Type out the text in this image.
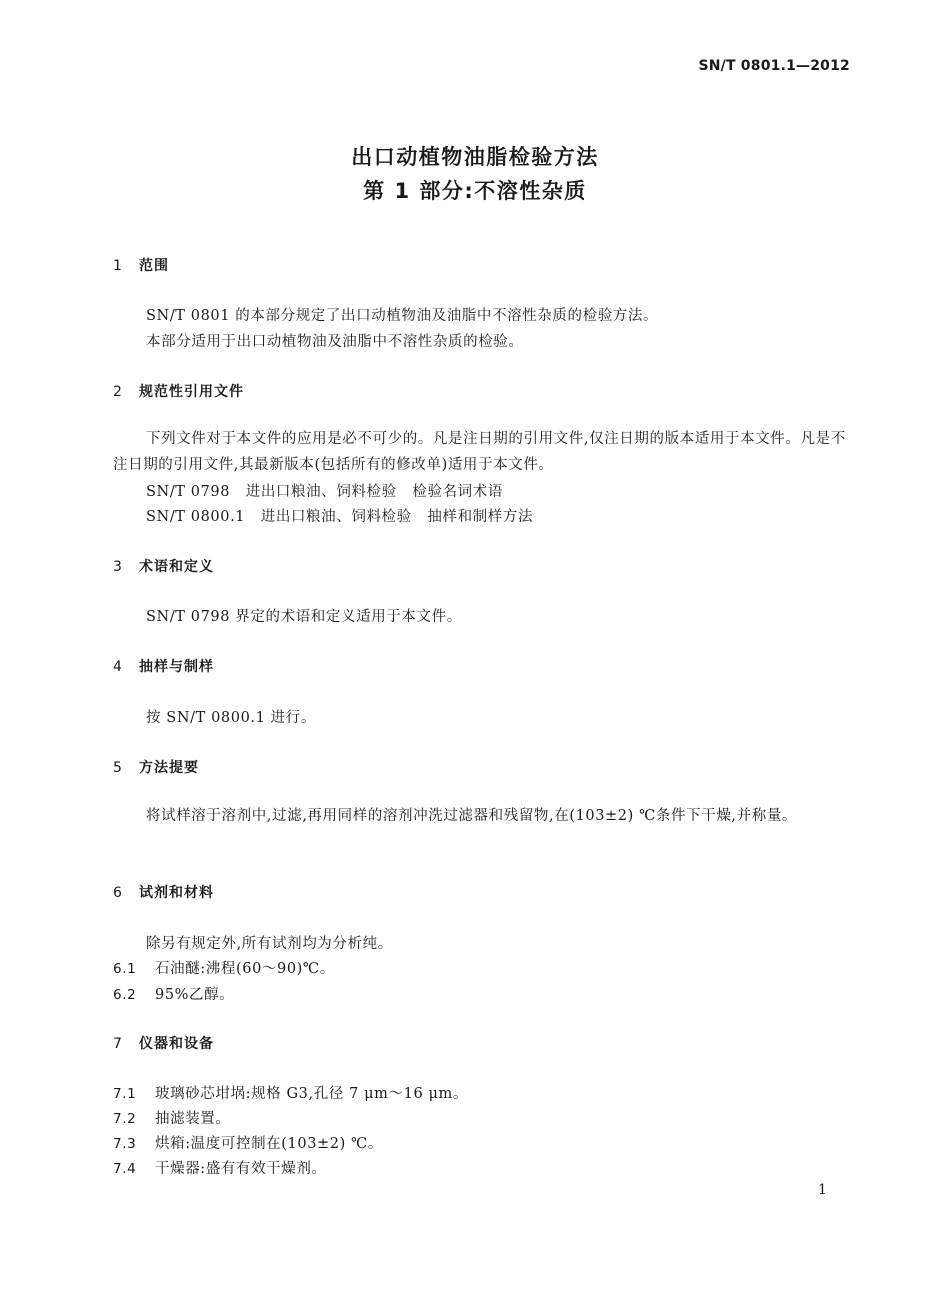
SN/T 0801.1—2012
出口动植物油脂检验方法
第 1 部分:不溶性杂质
1 范围
SN/T 0801 的本部分规定了出口动植物油及油脂中不溶性杂质的检验方法。
本部分适用于出口动植物油及油脂中不溶性杂质的检验。
2 规范性引用文件
下列文件对于本文件的应用是必不可少的。凡是注日期的引用文件,仅注日期的版本适用于本文件。凡是不注日期的引用文件,其最新版本(包括所有的修改单)适用于本文件。
SN/T 0798   进出口粮油、饲料检验   检验名词术语
SN/T 0800.1   进出口粮油、饲料检验   抽样和制样方法
3 术语和定义
SN/T 0798 界定的术语和定义适用于本文件。
4 抽样与制样
按 SN/T 0800.1 进行。
5 方法提要
将试样溶于溶剂中,过滤,再用同样的溶剂冲洗过滤器和残留物,在(103±2) ℃条件下干燥,并称量。
6 试剂和材料
除另有规定外,所有试剂均为分析纯。
6.1 石油醚:沸程(60～90)℃。
6.2 95%乙醇。
7 仪器和设备
7.1 玻璃砂芯坩埚:规格 G3,孔径 7 μm～16 μm。
7.2 抽滤装置。
7.3 烘箱:温度可控制在(103±2) ℃。
7.4 干燥器:盛有有效干燥剂。
1
